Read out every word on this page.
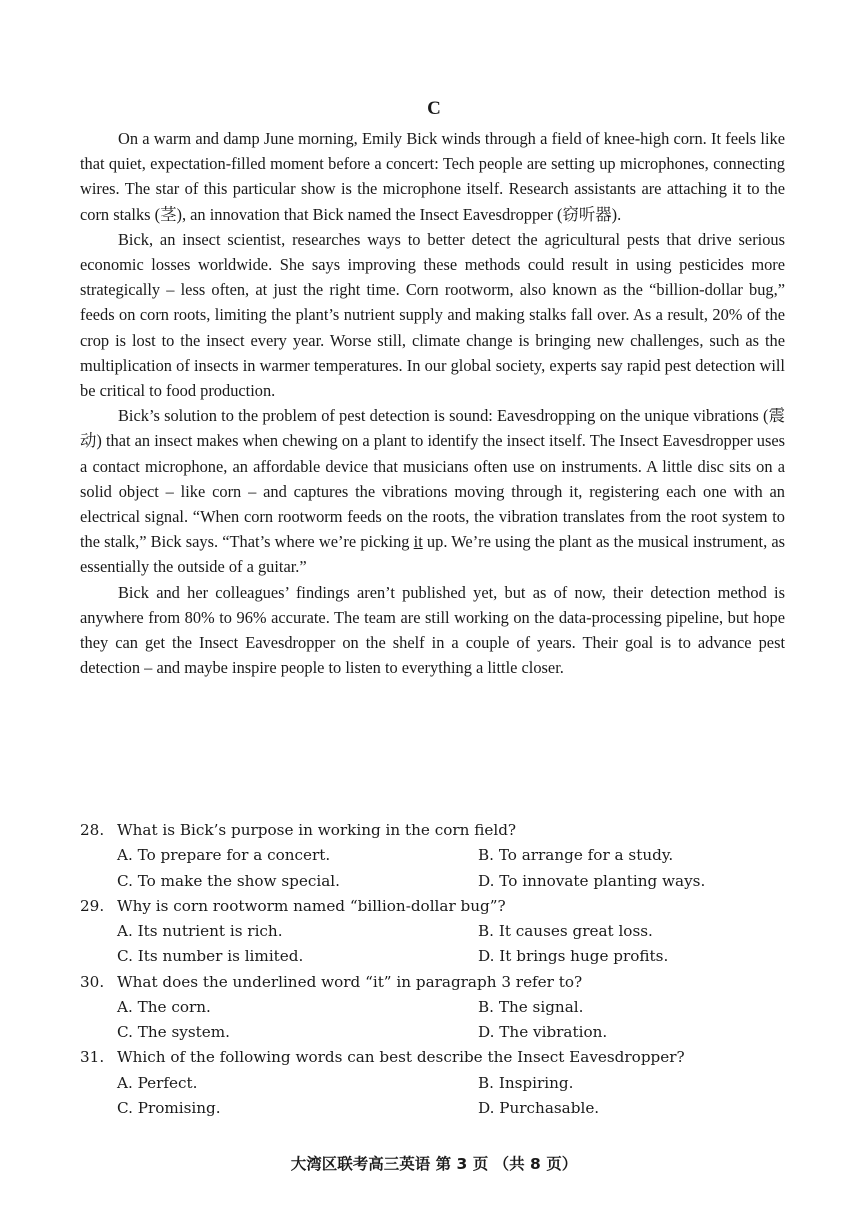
C

On a warm and damp June morning, Emily Bick winds through a field of knee-high corn. It feels like that quiet, expectation-filled moment before a concert: Tech people are setting up microphones, connecting wires. The star of this particular show is the microphone itself. Research assistants are attaching it to the corn stalks (茎), an innovation that Bick named the Insect Eavesdropper (窃听器).

Bick, an insect scientist, researches ways to better detect the agricultural pests that drive serious economic losses worldwide. She says improving these methods could result in using pesticides more strategically – less often, at just the right time. Corn rootworm, also known as the “billion-dollar bug,” feeds on corn roots, limiting the plant’s nutrient supply and making stalks fall over. As a result, 20% of the crop is lost to the insect every year. Worse still, climate change is bringing new challenges, such as the multiplication of insects in warmer temperatures. In our global society, experts say rapid pest detection will be critical to food production.

Bick’s solution to the problem of pest detection is sound: Eavesdropping on the unique vibrations (震动) that an insect makes when chewing on a plant to identify the insect itself. The Insect Eavesdropper uses a contact microphone, an affordable device that musicians often use on instruments. A little disc sits on a solid object – like corn – and captures the vibrations moving through it, registering each one with an electrical signal. “When corn rootworm feeds on the roots, the vibration translates from the root system to the stalk,” Bick says. “That’s where we’re picking it up. We’re using the plant as the musical instrument, as essentially the outside of a guitar.”

Bick and her colleagues’ findings aren’t published yet, but as of now, their detection method is anywhere from 80% to 96% accurate. The team are still working on the data-processing pipeline, but hope they can get the Insect Eavesdropper on the shelf in a couple of years. Their goal is to advance pest detection – and maybe inspire people to listen to everything a little closer.

28. What is Bick’s purpose in working in the corn field?
A. To prepare for a concert.	B. To arrange for a study.
C. To make the show special.	D. To innovate planting ways.
29. Why is corn rootworm named “billion-dollar bug”?
A. Its nutrient is rich.	B. It causes great loss.
C. Its number is limited.	D. It brings huge profits.
30. What does the underlined word “it” in paragraph 3 refer to?
A. The corn.	B. The signal.
C. The system.	D. The vibration.
31. Which of the following words can best describe the Insect Eavesdropper?
A. Perfect.	B. Inspiring.
C. Promising.	D. Purchasable.
大湾区联考高三英语 第 3 页 （共 8 页）
